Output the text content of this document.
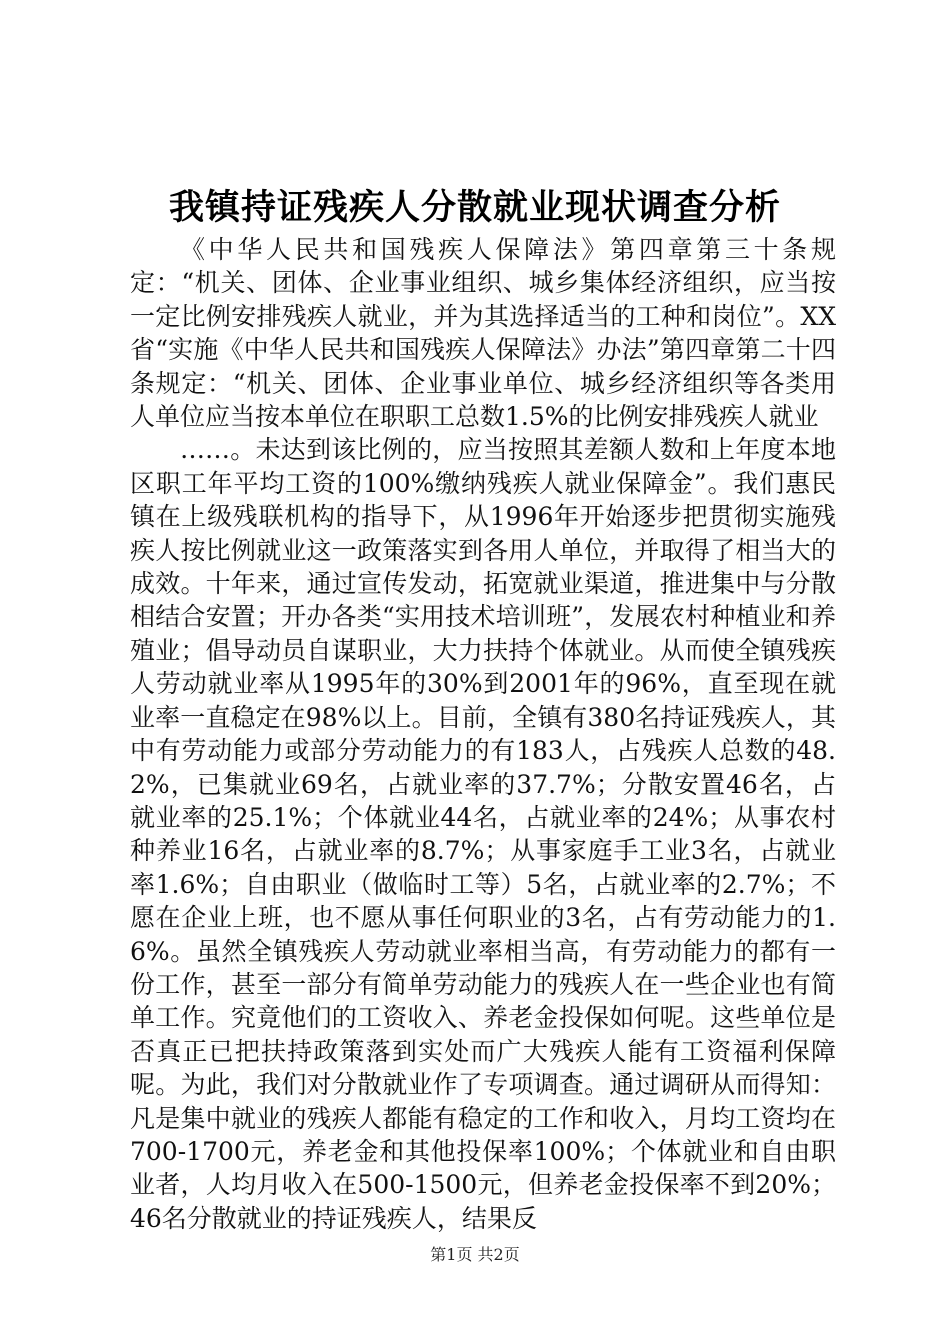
我镇持证残疾人分散就业现状调查分析

《中华人民共和国残疾人保障法》第四章第三十条规定：“机关、团体、企业事业组织、城乡集体经济组织，应当按一定比例安排残疾人就业，并为其选择适当的工种和岗位”。XX省“实施《中华人民共和国残疾人保障法》办法”第四章第二十四条规定：“机关、团体、企业事业单位、城乡经济组织等各类用人单位应当按本单位在职职工总数1.5%的比例安排残疾人就业

……。未达到该比例的，应当按照其差额人数和上年度本地区职工年平均工资的100%缴纳残疾人就业保障金”。我们惠民镇在上级残联机构的指导下，从1996年开始逐步把贯彻实施残疾人按比例就业这一政策落实到各用人单位，并取得了相当大的成效。十年来，通过宣传发动，拓宽就业渠道，推进集中与分散相结合安置；开办各类“实用技术培训班”，发展农村种植业和养殖业；倡导动员自谋职业，大力扶持个体就业。从而使全镇残疾人劳动就业率从1995年的30%到2001年的96%，直至现在就业率一直稳定在98%以上。目前，全镇有380名持证残疾人，其中有劳动能力或部分劳动能力的有183人，占残疾人总数的48.2%，已集就业69名，占就业率的37.7%；分散安置46名，占就业率的25.1%；个体就业44名，占就业率的24%；从事农村种养业16名，占就业率的8.7%；从事家庭手工业3名，占就业率1.6%；自由职业（做临时工等）5名，占就业率的2.7%；不愿在企业上班，也不愿从事任何职业的3名，占有劳动能力的1.6%。虽然全镇残疾人劳动就业率相当高，有劳动能力的都有一份工作，甚至一部分有简单劳动能力的残疾人在一些企业也有简单工作。究竟他们的工资收入、养老金投保如何呢。这些单位是否真正已把扶持政策落到实处而广大残疾人能有工资福利保障呢。为此，我们对分散就业作了专项调查。通过调研从而得知：凡是集中就业的残疾人都能有稳定的工作和收入，月均工资均在700-1700元，养老金和其他投保率100%；个体就业和自由职业者，人均月收入在500-1500元，但养老金投保率不到20%；46名分散就业的持证残疾人，结果反

第1页 共2页
